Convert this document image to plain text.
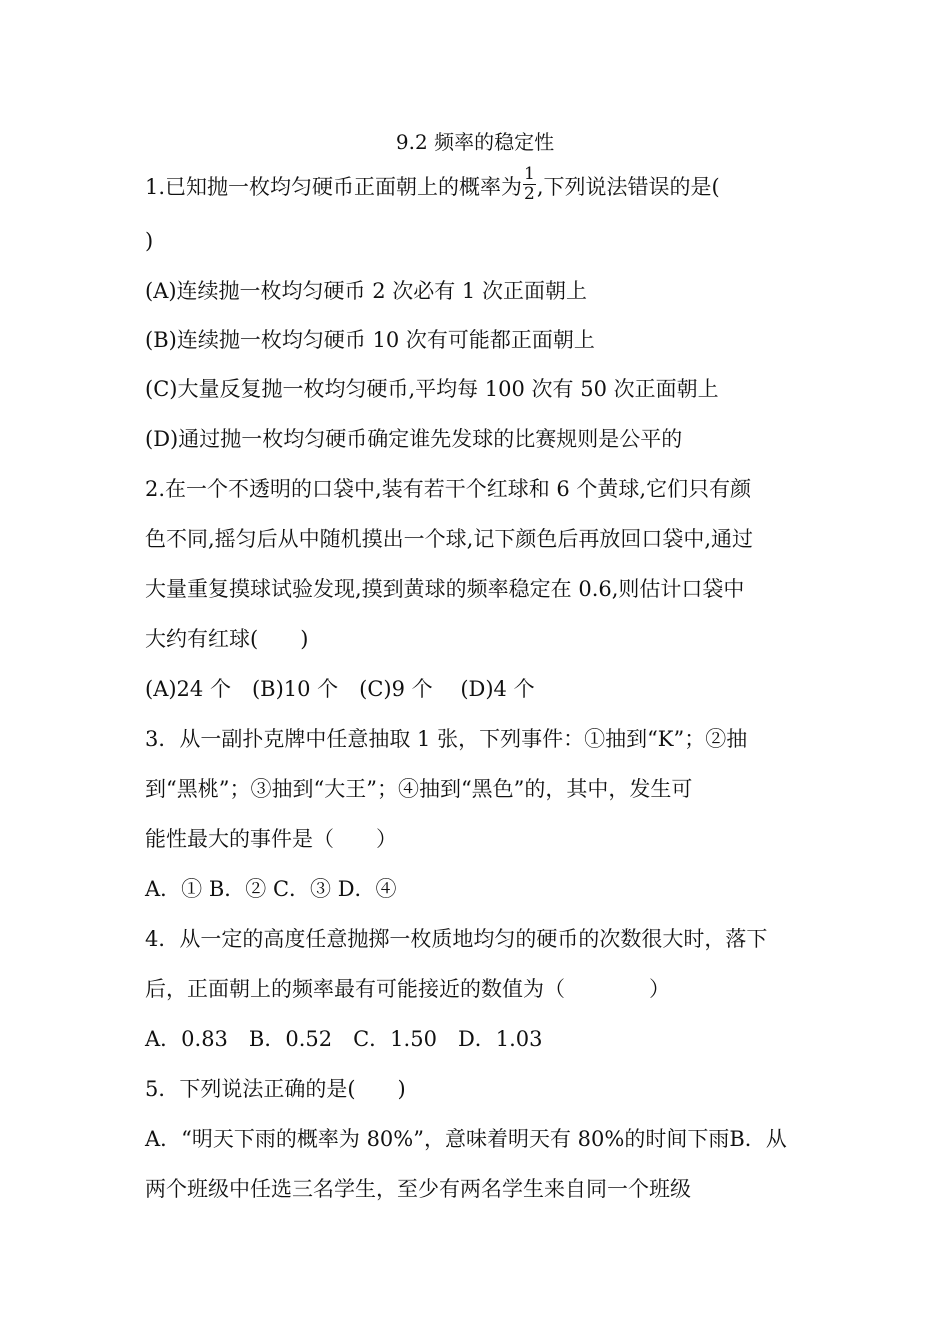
9.2 频率的稳定性
1.已知抛一枚均匀硬币正面朝上的概率为 $\frac{1}{2}$ ,下列说法错误的是(
)
(A)连续抛一枚均匀硬币 2 次必有 1 次正面朝上
(B)连续抛一枚均匀硬币 10 次有可能都正面朝上
(C)大量反复抛一枚均匀硬币,平均每 100 次有 50 次正面朝上
(D)通过抛一枚均匀硬币确定谁先发球的比赛规则是公平的
2.在一个不透明的口袋中,装有若干个红球和 6 个黄球,它们只有颜
色不同,摇匀后从中随机摸出一个球,记下颜色后再放回口袋中,通过
大量重复摸球试验发现,摸到黄球的频率稳定在 0.6,则估计口袋中
大约有红球(　　)
(A)24 个　(B)10 个　(C)9 个　 (D)4 个
3．从一副扑克牌中任意抽取 1 张，下列事件：①抽到“K”；②抽
到“黑桃”；③抽到“大王”；④抽到“黑色”的，其中，发生可
能性最大的事件是（　　）
A．① B．② C．③ D．④
4．从一定的高度任意抛掷一枚质地均匀的硬币的次数很大时，落下
后，正面朝上的频率最有可能接近的数值为（　　　　）
A．0.83　B．0.52　C．1.50　D．1.03
5．下列说法正确的是(　　)
A．“明天下雨的概率为 80%”，意味着明天有 80%的时间下雨B．从
两个班级中任选三名学生，至少有两名学生来自同一个班级
